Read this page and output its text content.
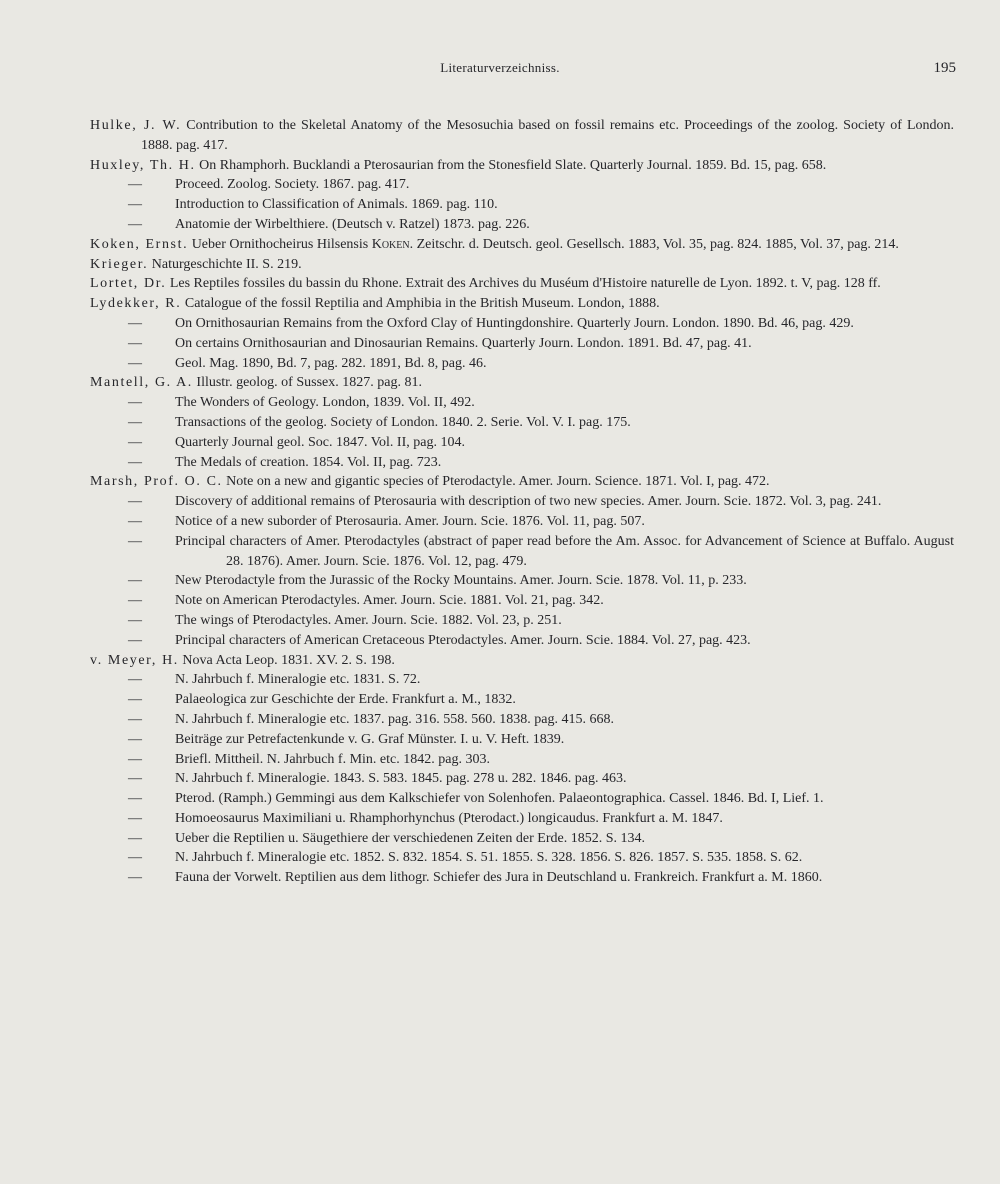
Literaturverzeichniss.	195
Hulke, J. W. Contribution to the Skeletal Anatomy of the Mesosuchia based on fossil remains etc. Proceedings of the zoolog. Society of London. 1888. pag. 417.
Huxley, Th. H. On Rhamphorh. Bucklandi a Pterosaurian from the Stonesfield Slate. Quarterly Journal. 1859. Bd. 15, pag. 658.
—	Proceed. Zoolog. Society. 1867. pag. 417.
—	Introduction to Classification of Animals. 1869. pag. 110.
—	Anatomie der Wirbelthiere. (Deutsch v. Ratzel) 1873. pag. 226.
Koken, Ernst. Ueber Ornithocheirus Hilsensis Koken. Zeitschr. d. Deutsch. geol. Gesellsch. 1883, Vol. 35, pag. 824. 1885, Vol. 37, pag. 214.
Krieger. Naturgeschichte II. S. 219.
Lortet, Dr. Les Reptiles fossiles du bassin du Rhone. Extrait des Archives du Muséum d'Histoire naturelle de Lyon. 1892. t. V, pag. 128 ff.
Lydekker, R. Catalogue of the fossil Reptilia and Amphibia in the British Museum. London, 1888.
—	On Ornithosaurian Remains from the Oxford Clay of Huntingdonshire. Quarterly Journ. London. 1890. Bd. 46, pag. 429.
—	On certains Ornithosaurian and Dinosaurian Remains. Quarterly Journ. London. 1891. Bd. 47, pag. 41.
—	Geol. Mag. 1890, Bd. 7, pag. 282. 1891, Bd. 8, pag. 46.
Mantell, G. A. Illustr. geolog. of Sussex. 1827. pag. 81.
—	The Wonders of Geology. London, 1839. Vol. II, 492.
—	Transactions of the geolog. Society of London. 1840. 2. Serie. Vol. V. I. pag. 175.
—	Quarterly Journal geol. Soc. 1847. Vol. II, pag. 104.
—	The Medals of creation. 1854. Vol. II, pag. 723.
Marsh, Prof. O. C. Note on a new and gigantic species of Pterodactyle. Amer. Journ. Science. 1871. Vol. I, pag. 472.
—	Discovery of additional remains of Pterosauria with description of two new species. Amer. Journ. Scie. 1872. Vol. 3, pag. 241.
—	Notice of a new suborder of Pterosauria. Amer. Journ. Scie. 1876. Vol. 11, pag. 507.
—	Principal characters of Amer. Pterodactyles (abstract of paper read before the Am. Assoc. for Advancement of Science at Buffalo. August 28. 1876). Amer. Journ. Scie. 1876. Vol. 12, pag. 479.
—	New Pterodactyle from the Jurassic of the Rocky Mountains. Amer. Journ. Scie. 1878. Vol. 11, p. 233.
—	Note on American Pterodactyles. Amer. Journ. Scie. 1881. Vol. 21, pag. 342.
—	The wings of Pterodactyles. Amer. Journ. Scie. 1882. Vol. 23, p. 251.
—	Principal characters of American Cretaceous Pterodactyles. Amer. Journ. Scie. 1884. Vol. 27, pag. 423.
v. Meyer, H. Nova Acta Leop. 1831. XV. 2. S. 198.
—	N. Jahrbuch f. Mineralogie etc. 1831. S. 72.
—	Palaeologica zur Geschichte der Erde. Frankfurt a. M., 1832.
—	N. Jahrbuch f. Mineralogie etc. 1837. pag. 316. 558. 560. 1838. pag. 415. 668.
—	Beiträge zur Petrefactenkunde v. G. Graf Münster. I. u. V. Heft. 1839.
—	Briefl. Mittheil. N. Jahrbuch f. Min. etc. 1842. pag. 303.
—	N. Jahrbuch f. Mineralogie. 1843. S. 583. 1845. pag. 278 u. 282. 1846. pag. 463.
—	Pterod. (Ramph.) Gemmingi aus dem Kalkschiefer von Solenhofen. Palaeontographica. Cassel. 1846. Bd. I, Lief. 1.
—	Homoeosaurus Maximiliani u. Rhamphorhynchus (Pterodact.) longicaudus. Frankfurt a. M. 1847.
—	Ueber die Reptilien u. Säugethiere der verschiedenen Zeiten der Erde. 1852. S. 134.
—	N. Jahrbuch f. Mineralogie etc. 1852. S. 832. 1854. S. 51. 1855. S. 328. 1856. S. 826. 1857. S. 535. 1858. S. 62.
—	Fauna der Vorwelt. Reptilien aus dem lithogr. Schiefer des Jura in Deutschland u. Frankreich. Frankfurt a. M. 1860.
